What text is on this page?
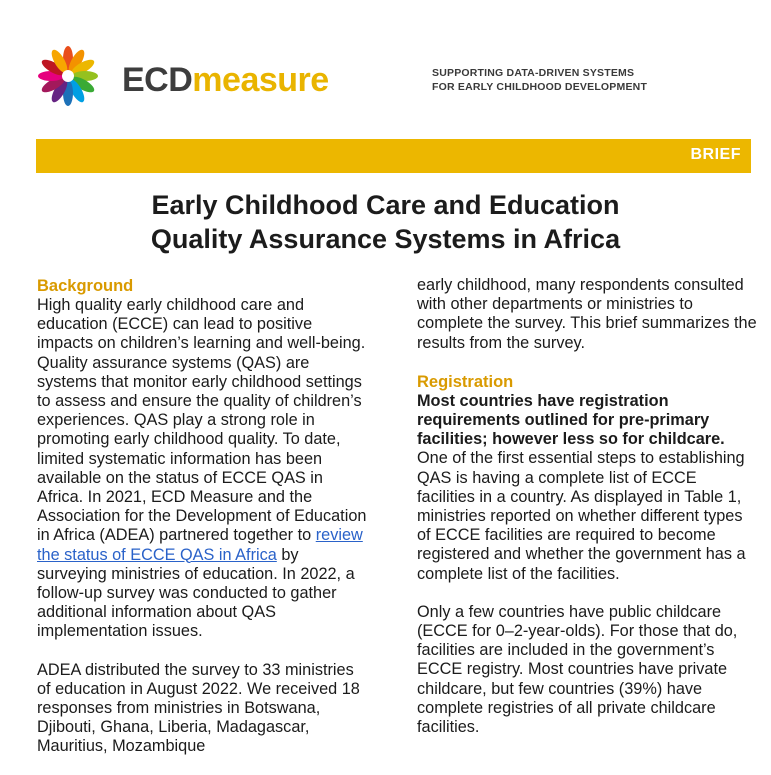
ECDmeasure	SUPPORTING DATA-DRIVEN SYSTEMS
FOR EARLY CHILDHOOD DEVELOPMENT
BRIEF
Early Childhood Care and Education
Quality Assurance Systems in Africa
Background

High quality early childhood care and education (ECCE) can lead to positive impacts on children’s learning and well-being. Quality assurance systems (QAS) are systems that monitor early childhood settings to assess and ensure the quality of children’s experiences. QAS play a strong role in promoting early childhood quality. To date, limited systematic information has been available on the status of ECCE QAS in Africa. In 2021, ECD Measure and the Association for the Development of Education in Africa (ADEA) partnered together to review the status of ECCE QAS in Africa by surveying ministries of education. In 2022, a follow-up survey was conducted to gather additional information about QAS implementation issues.

ADEA distributed the survey to 33 ministries of education in August 2022. We received 18 responses from ministries in Botswana, Djibouti, Ghana, Liberia, Madagascar, Mauritius, Mozambique

early childhood, many respondents consulted with other departments or ministries to complete the survey. This brief summarizes the results from the survey.

Registration

Most countries have registration requirements outlined for pre-primary facilities; however less so for childcare.

One of the first essential steps to establishing QAS is having a complete list of ECCE facilities in a country. As displayed in Table 1, ministries reported on whether different types of ECCE facilities are required to become registered and whether the government has a complete list of the facilities.

Only a few countries have public childcare (ECCE for 0–2-year-olds). For those that do, facilities are included in the government’s ECCE registry. Most countries have private childcare, but few countries (39%) have complete registries of all private childcare facilities.
